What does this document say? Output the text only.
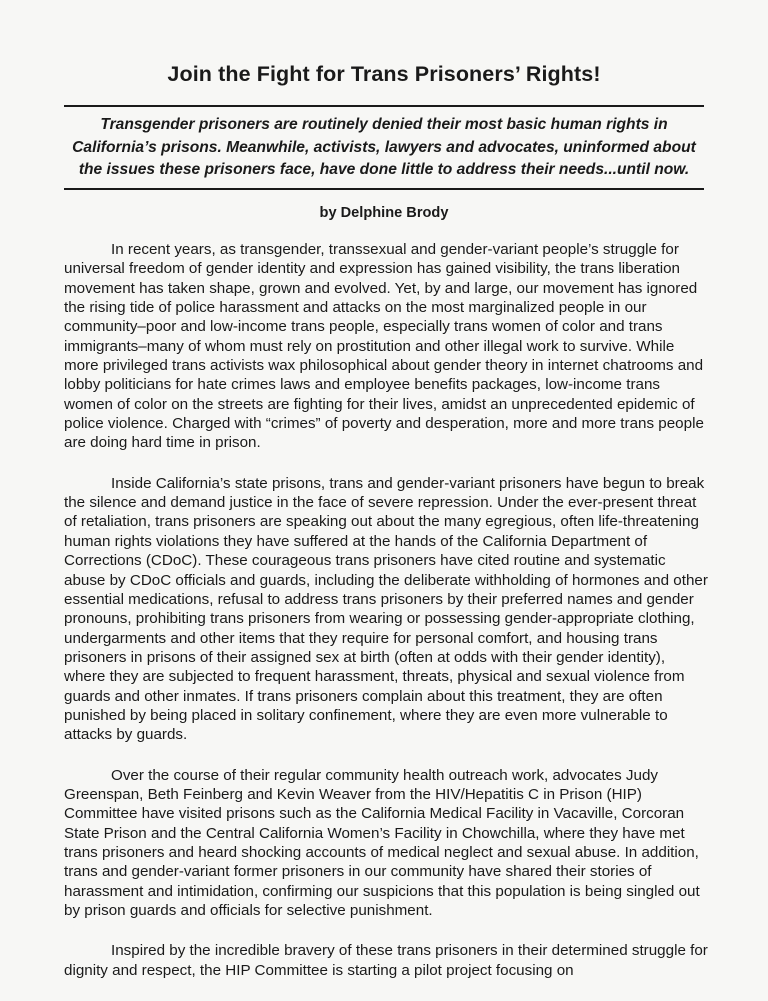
Join the Fight for Trans Prisoners’ Rights!

Transgender prisoners are routinely denied their most basic human rights in California’s prisons. Meanwhile, activists, lawyers and advocates, uninformed about the issues these prisoners face, have done little to address their needs...until now.

by Delphine Brody

In recent years, as transgender, transsexual and gender-variant people’s struggle for universal freedom of gender identity and expression has gained visibility, the trans liberation movement has taken shape, grown and evolved. Yet, by and large, our movement has ignored the rising tide of police harassment and attacks on the most marginalized people in our community–poor and low-income trans people, especially trans women of color and trans immigrants–many of whom must rely on prostitution and other illegal work to survive. While more privileged trans activists wax philosophical about gender theory in internet chatrooms and lobby politicians for hate crimes laws and employee benefits packages, low-income trans women of color on the streets are fighting for their lives, amidst an unprecedented epidemic of police violence. Charged with “crimes” of poverty and desperation, more and more trans people are doing hard time in prison.

Inside California’s state prisons, trans and gender-variant prisoners have begun to break the silence and demand justice in the face of severe repression. Under the ever-present threat of retaliation, trans prisoners are speaking out about the many egregious, often life-threatening human rights violations they have suffered at the hands of the California Department of Corrections (CDoC). These courageous trans prisoners have cited routine and systematic abuse by CDoC officials and guards, including the deliberate withholding of hormones and other essential medications, refusal to address trans prisoners by their preferred names and gender pronouns, prohibiting trans prisoners from wearing or possessing gender-appropriate clothing, undergarments and other items that they require for personal comfort, and housing trans prisoners in prisons of their assigned sex at birth (often at odds with their gender identity), where they are subjected to frequent harassment, threats, physical and sexual violence from guards and other inmates. If trans prisoners complain about this treatment, they are often punished by being placed in solitary confinement, where they are even more vulnerable to attacks by guards.

Over the course of their regular community health outreach work, advocates Judy Greenspan, Beth Feinberg and Kevin Weaver from the HIV/Hepatitis C in Prison (HIP) Committee have visited prisons such as the California Medical Facility in Vacaville, Corcoran State Prison and the Central California Women’s Facility in Chowchilla, where they have met trans prisoners and heard shocking accounts of medical neglect and sexual abuse. In addition, trans and gender-variant former prisoners in our community have shared their stories of harassment and intimidation, confirming our suspicions that this population is being singled out by prison guards and officials for selective punishment.

Inspired by the incredible bravery of these trans prisoners in their determined struggle for dignity and respect, the HIP Committee is starting a pilot project focusing on
